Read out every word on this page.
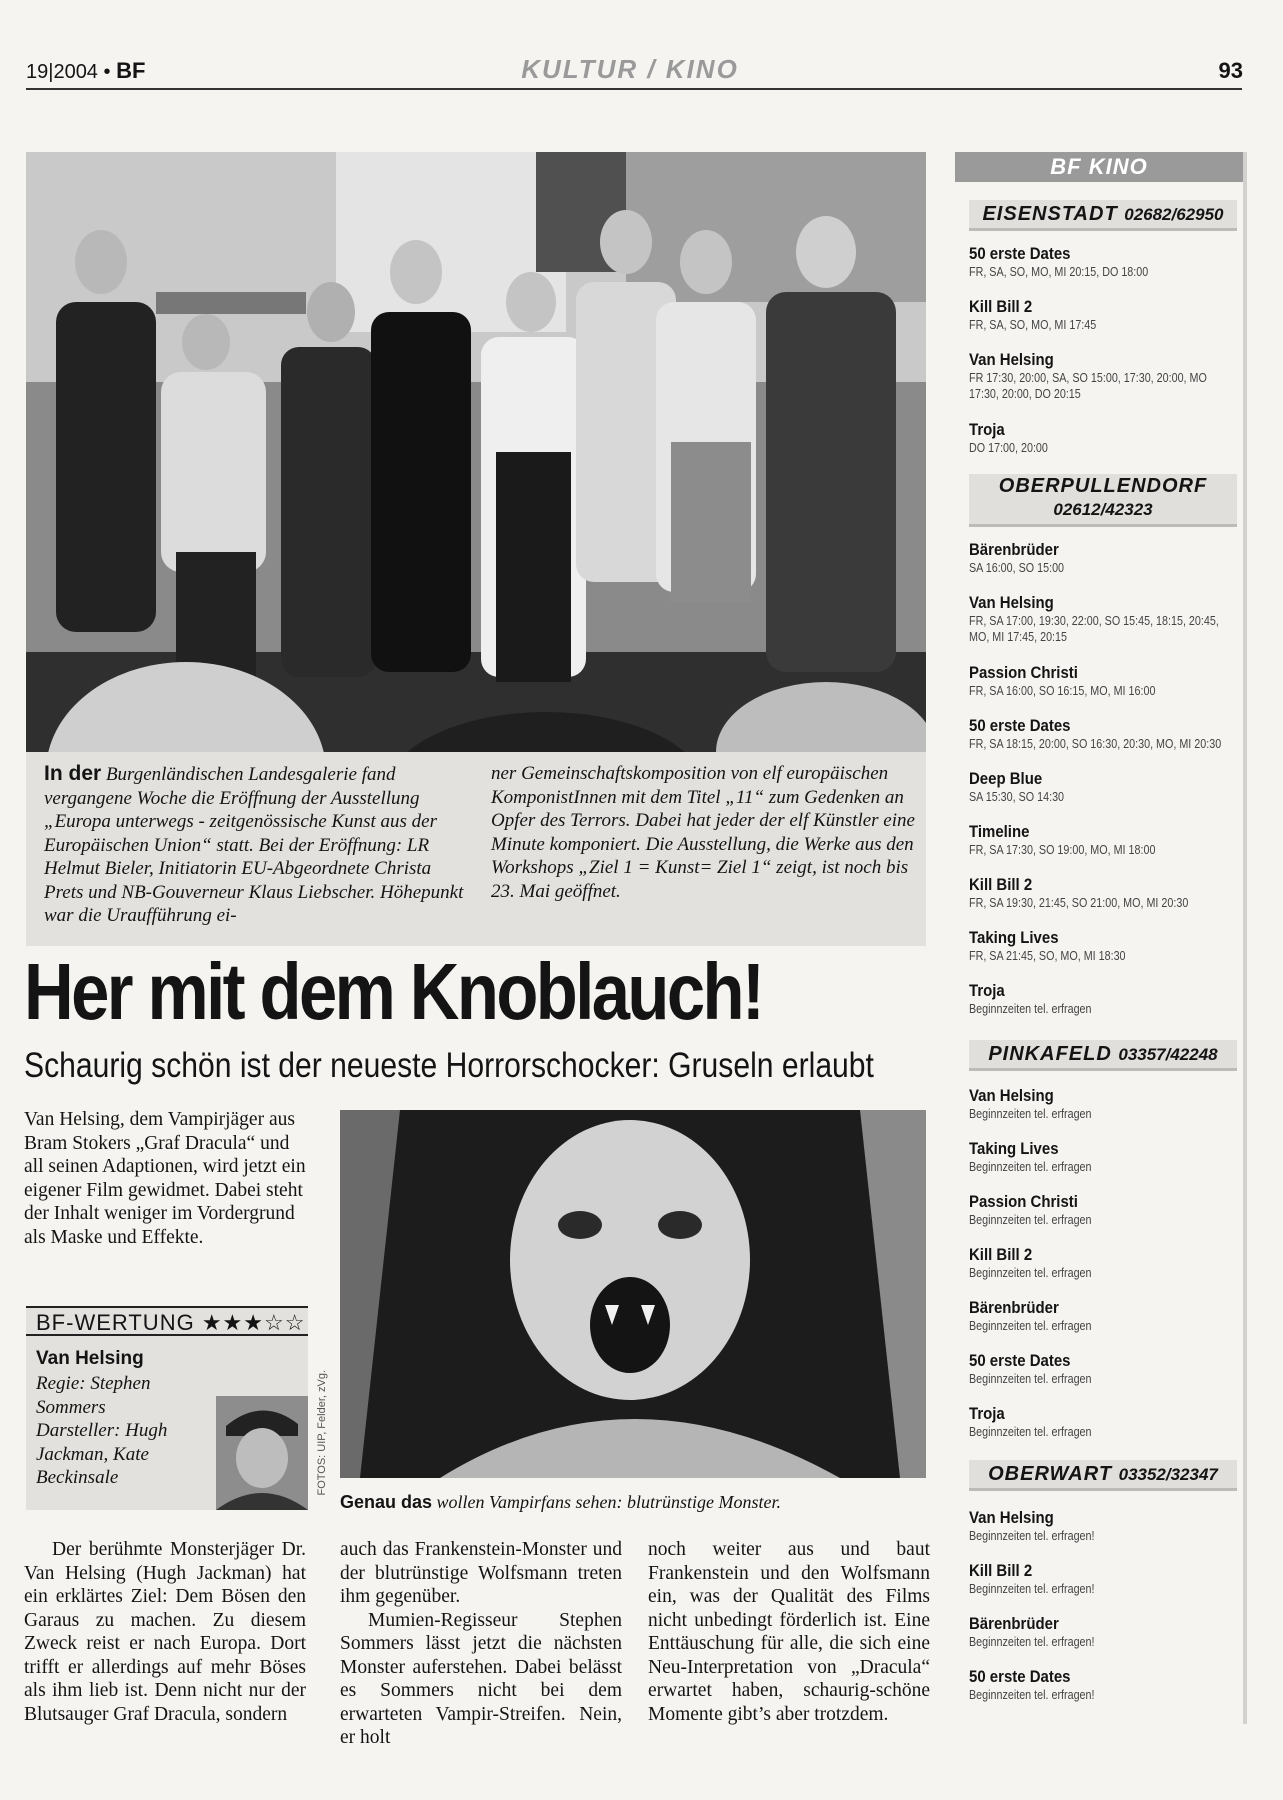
19|2004 • BF	KULTUR / KINO	93
In der Burgenländischen Landesgalerie fand vergangene Woche die Eröffnung der Ausstellung „Europa unterwegs - zeitgenössische Kunst aus der Europäischen Union“ statt. Bei der Eröffnung: LR Helmut Bieler, Initiatorin EU-Abgeordnete Christa Prets und NB-Gouverneur Klaus Liebscher. Höhepunkt war die Uraufführung ei-
ner Gemeinschaftskomposition von elf europäischen KomponistInnen mit dem Titel „11“ zum Gedenken an Opfer des Terrors. Dabei hat jeder der elf Künstler eine Minute komponiert. Die Ausstellung, die Werke aus den Workshops „Ziel 1 = Kunst= Ziel 1“ zeigt, ist noch bis 23. Mai geöffnet.
Her mit dem Knoblauch!
Schaurig schön ist der neueste Horrorschocker: Gruseln erlaubt
Van Helsing, dem Vampirjäger aus Bram Stokers „Graf Dracula“ und all seinen Adaptionen, wird jetzt ein eigener Film gewidmet. Dabei steht der Inhalt weniger im Vordergrund als Maske und Effekte.
BF-WERTUNG ★★★☆☆
Van Helsing
Regie: Stephen Sommers
Darsteller: Hugh Jackman, Kate Beckinsale	FOTOS: UIP, Felder, zVg.
Genau das wollen Vampirfans sehen: blutrünstige Monster.

Der berühmte Monsterjäger Dr. Van Helsing (Hugh Jackman) hat ein erklärtes Ziel: Dem Bösen den Garaus zu machen. Zu diesem Zweck reist er nach Europa. Dort trifft er allerdings auf mehr Böses als ihm lieb ist. Denn nicht nur der Blutsauger Graf Dracula, sondern

auch das Frankenstein-Monster und der blutrünstige Wolfsmann treten ihm gegenüber.

Mumien-Regisseur Stephen Sommers lässt jetzt die nächsten Monster auferstehen. Dabei belässt es Sommers nicht bei dem erwarteten Vampir-Streifen. Nein, er holt

noch weiter aus und baut Frankenstein und den Wolfsmann ein, was der Qualität des Films nicht unbedingt förderlich ist. Eine Enttäuschung für alle, die sich eine Neu-Interpretation von „Dracula“ erwartet haben, schaurig-schöne Momente gibt’s aber trotzdem.

BF KINO
EISENSTADT 02682/62950
50 erste Dates
FR, SA, SO, MO, MI 20:15, DO 18:00
Kill Bill 2
FR, SA, SO, MO, MI 17:45
Van Helsing
FR 17:30, 20:00, SA, SO 15:00, 17:30, 20:00, MO 17:30, 20:00, DO 20:15
Troja
DO 17:00, 20:00
OBERPULLENDORF
02612/42323
Bärenbrüder
SA 16:00, SO 15:00
Van Helsing
FR, SA 17:00, 19:30, 22:00, SO 15:45, 18:15, 20:45, MO, MI 17:45, 20:15
Passion Christi
FR, SA 16:00, SO 16:15, MO, MI 16:00
50 erste Dates
FR, SA 18:15, 20:00, SO 16:30, 20:30, MO, MI 20:30
Deep Blue
SA 15:30, SO 14:30
Timeline
FR, SA 17:30, SO 19:00, MO, MI 18:00
Kill Bill 2
FR, SA 19:30, 21:45, SO 21:00, MO, MI 20:30
Taking Lives
FR, SA 21:45, SO, MO, MI 18:30
Troja
Beginnzeiten tel. erfragen
PINKAFELD 03357/42248
Van Helsing
Beginnzeiten tel. erfragen
Taking Lives
Beginnzeiten tel. erfragen
Passion Christi
Beginnzeiten tel. erfragen
Kill Bill 2
Beginnzeiten tel. erfragen
Bärenbrüder
Beginnzeiten tel. erfragen
50 erste Dates
Beginnzeiten tel. erfragen
Troja
Beginnzeiten tel. erfragen
OBERWART 03352/32347
Van Helsing
Beginnzeiten tel. erfragen!
Kill Bill 2
Beginnzeiten tel. erfragen!
Bärenbrüder
Beginnzeiten tel. erfragen!
50 erste Dates
Beginnzeiten tel. erfragen!
